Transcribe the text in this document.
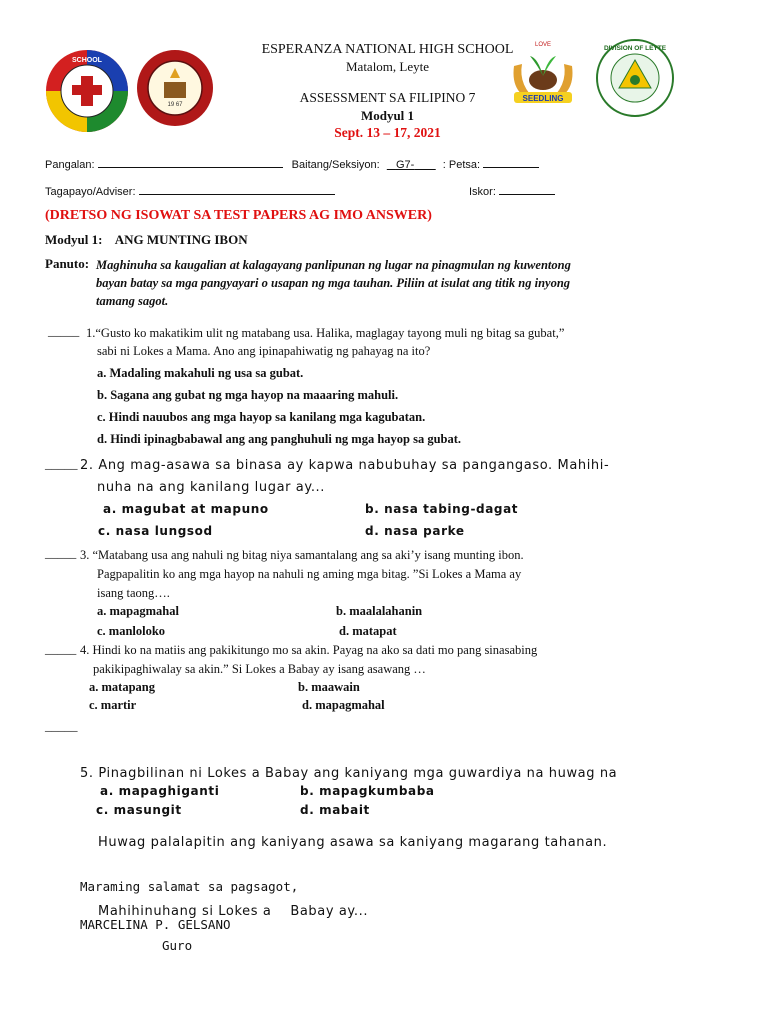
SCHOOL
19 67
LOVE
SEEDLING
DIVISION OF LEYTE
ESPERANZA NATIONAL HIGH SCHOOL
Matalom, Leyte
ASSESSMENT SA FILIPINO 7
Modyul 1
Sept. 13 – 17, 2021
Pangalan:	Baitang/Seksiyon: G7-	: Petsa:
Tagapayo/Adviser:	Iskor:
(DRETSO NG ISOWAT SA TEST PAPERS AG IMO ANSWER)
Modyul 1:    ANG MUNTING IBON
Panuto: Maghinuha sa kaugalian at kalagayang panlipunan ng lugar na pinagmulan ng kuwentong
bayan batay sa mga pangyayari o usapan ng mga tauhan. Piliin at isulat ang titik ng inyong
tamang sagot.
_____ 1.“Gusto ko makatikim ulit ng matabang usa. Halika, maglagay tayong muli ng bitag sa gubat,”
sabi ni Lokes a Mama. Ano ang ipinapahiwatig ng pahayag na ito?
a. Madaling makahuli ng usa sa gubat.
b. Sagana ang gubat ng mga hayop na maaaring mahuli.
c. Hindi nauubos ang mga hayop sa kanilang mga kagubatan.
d. Hindi ipinagbabawal ang ang panghuhuli ng mga hayop sa gubat.
_____ 2. Ang mag-asawa sa binasa ay kapwa nabubuhay sa pangangaso. Mahihi-
nuha na ang kanilang lugar ay...
a. magubat at mapuno	b. nasa tabing-dagat
c. nasa lungsod	d. nasa parke
_____ 3. “Matabang usa ang nahuli ng bitag niya samantalang ang sa aki’y isang munting ibon.
Pagpapalitin ko ang mga hayop na nahuli ng aming mga bitag. ”Si Lokes a Mama ay
isang taong….
a. mapagmahal	b. maalalahanin
c. manloloko	d. matapat
_____ 4. Hindi ko na matiis ang pakikitungo mo sa akin. Payag na ako sa dati mo pang sinasabing
pakikipaghiwalay sa akin.” Si Lokes a Babay ay isang asawang …
a. matapang	b. maawain
c. martir	d. mapagmahal
_____

5. Pinagbilinan ni Lokes a Babay ang kaniyang mga guwardiya na huwag na

Huwag palalapitin ang kaniyang asawa sa kaniyang magarang tahanan.

Mahihinuhang si Lokes a    Babay ay...

a. mapaghiganti	b. mapagkumbaba
c. masungit	d. mabait
Maraming salamat sa pagsagot,
MARCELINA P. GELSANO
Guro
